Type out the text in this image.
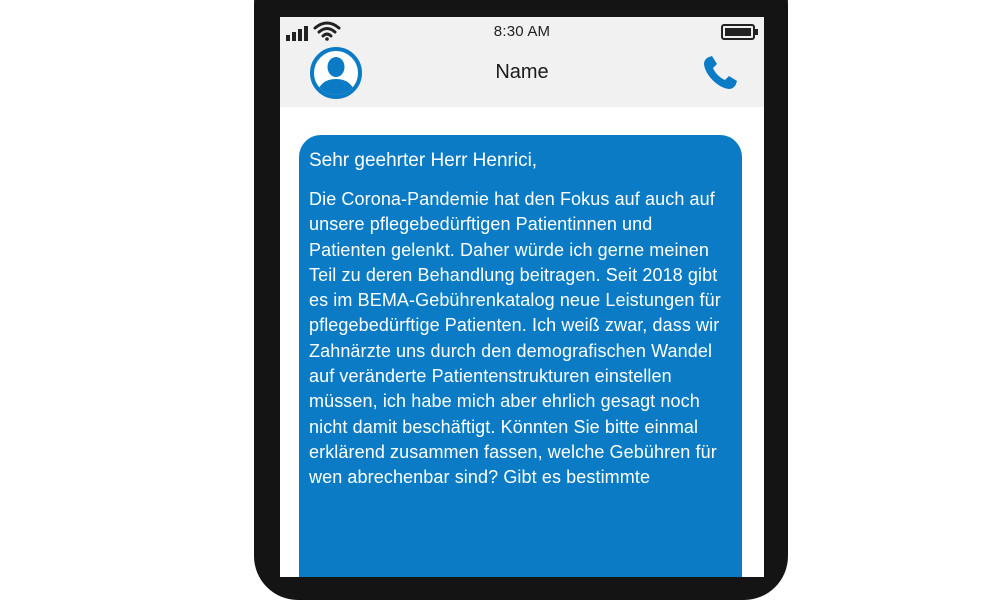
8:30 AM
Name

Sehr geehrter Herr Henrici,

Die Corona-Pandemie hat den Fokus auf auch auf unsere pflegebedürftigen Patientinnen und Patienten gelenkt. Daher würde ich gerne meinen Teil zu deren Behandlung beitragen. Seit 2018 gibt es im BEMA-Gebührenkatalog neue Leistungen für pflegebedürftige Patienten. Ich weiß zwar, dass wir Zahnärzte uns durch den demografischen Wandel auf veränderte Patientenstrukturen einstellen müssen, ich habe mich aber ehrlich gesagt noch nicht damit beschäftigt. Könnten Sie bitte einmal erklärend zusammen fassen, welche Gebühren für wen abrechenbar sind? Gibt es bestimmte
